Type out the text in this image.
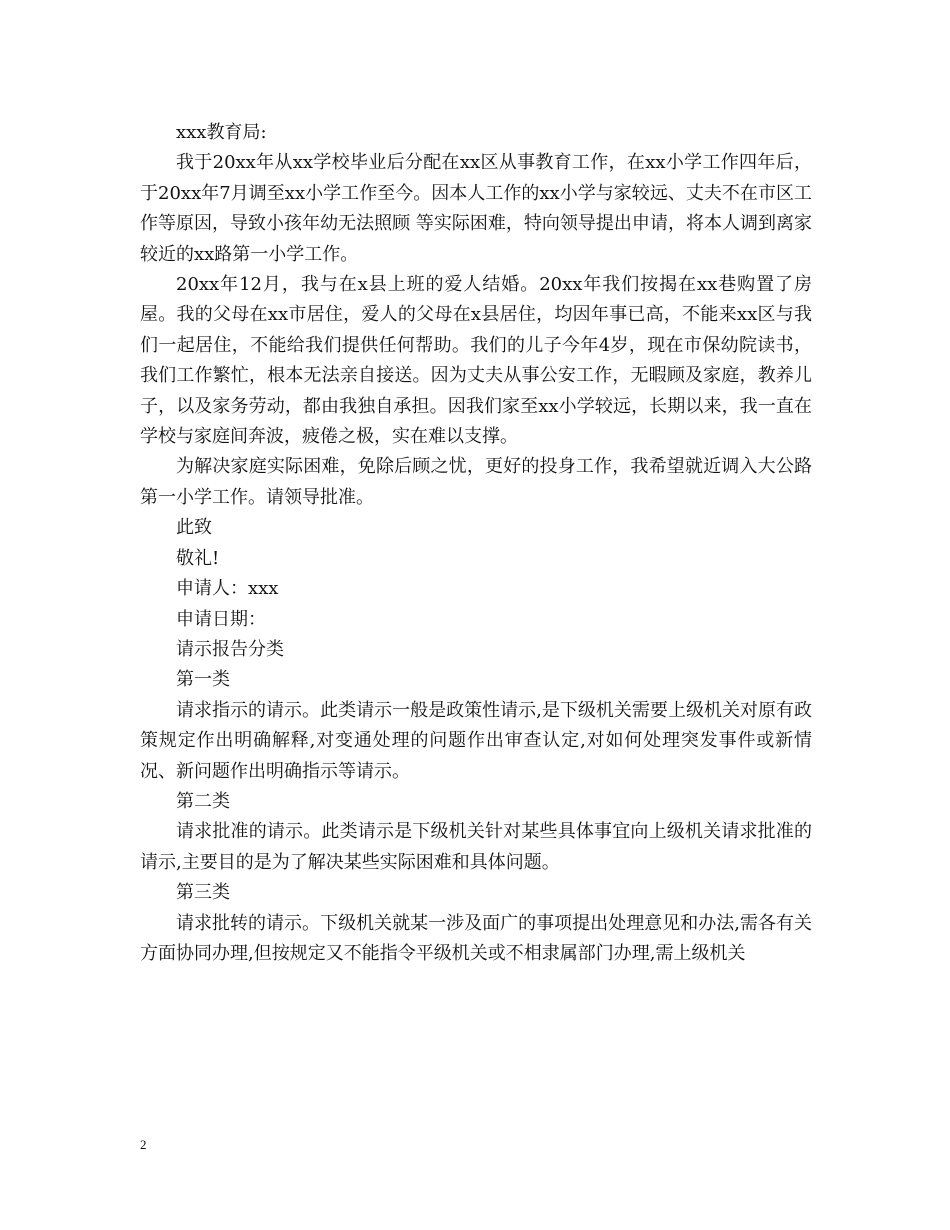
xxx教育局:

我于20xx年从xx学校毕业后分配在xx区从事教育工作，在xx小学工作四年后，于20xx年7月调至xx小学工作至今。因本人工作的xx小学与家较远、丈夫不在市区工作等原因，导致小孩年幼无法照顾 等实际困难，特向领导提出申请，将本人调到离家较近的xx路第一小学工作。

20xx年12月，我与在x县上班的爱人结婚。20xx年我们按揭在xx巷购置了房屋。我的父母在xx市居住，爱人的父母在x县居住，均因年事已高，不能来xx区与我们一起居住，不能给我们提供任何帮助。我们的儿子今年4岁，现在市保幼院读书，我们工作繁忙，根本无法亲自接送。因为丈夫从事公安工作，无暇顾及家庭，教养儿子，以及家务劳动，都由我独自承担。因我们家至xx小学较远，长期以来，我一直在学校与家庭间奔波，疲倦之极，实在难以支撑。

为解决家庭实际困难，免除后顾之忧，更好的投身工作，我希望就近调入大公路第一小学工作。请领导批准。

此致

敬礼!

申请人：xxx

申请日期：

请示报告分类

第一类

请求指示的请示。此类请示一般是政策性请示,是下级机关需要上级机关对原有政策规定作出明确解释,对变通处理的问题作出审查认定,对如何处理突发事件或新情况、新问题作出明确指示等请示。

第二类

请求批准的请示。此类请示是下级机关针对某些具体事宜向上级机关请求批准的请示,主要目的是为了解决某些实际困难和具体问题。

第三类

请求批转的请示。下级机关就某一涉及面广的事项提出处理意见和办法,需各有关方面协同办理,但按规定又不能指令平级机关或不相隶属部门办理,需上级机关

2
